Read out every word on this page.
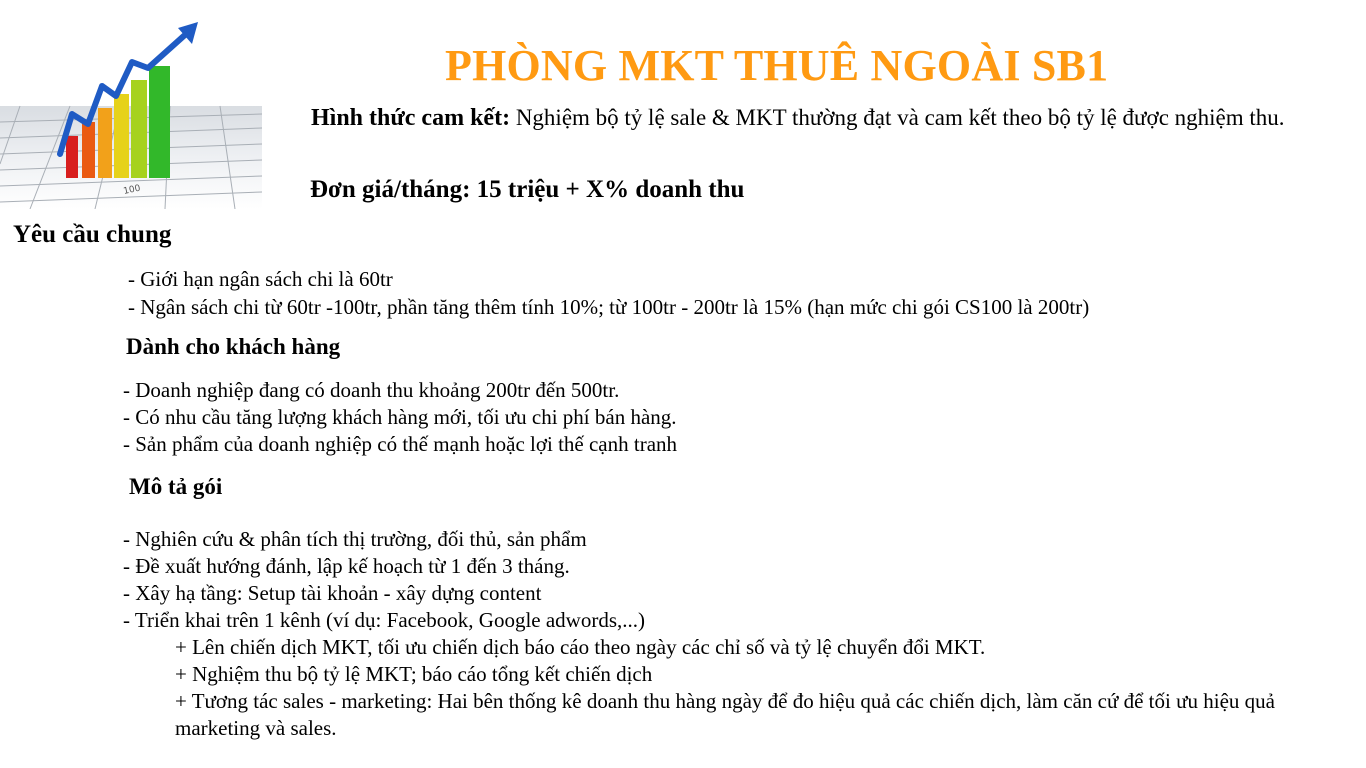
100
PHÒNG MKT THUÊ NGOÀI SB1
Hình thức cam kết: Nghiệm bộ tỷ lệ sale & MKT thường đạt và cam kết theo bộ tỷ lệ được nghiệm thu.
Đơn giá/tháng: 15 triệu + X% doanh thu
Yêu cầu chung
- Giới hạn ngân sách chi là 60tr
- Ngân sách chi từ 60tr -100tr, phần tăng thêm tính 10%; từ 100tr - 200tr là 15% (hạn mức chi gói CS100 là 200tr)
Dành cho khách hàng
- Doanh nghiệp đang có doanh thu khoảng 200tr đến 500tr.
- Có nhu cầu tăng lượng khách hàng mới, tối ưu chi phí bán hàng.
- Sản phẩm của doanh nghiệp có thế mạnh hoặc lợi thế cạnh tranh
Mô tả gói
- Nghiên cứu & phân tích thị trường, đối thủ, sản phẩm
- Đề xuất hướng đánh, lập kế hoạch từ 1 đến 3 tháng.
- Xây hạ tầng: Setup tài khoản - xây dựng content
- Triển khai trên 1 kênh (ví dụ: Facebook, Google adwords,...)
+ Lên chiến dịch MKT, tối ưu chiến dịch báo cáo theo ngày các chỉ số và tỷ lệ chuyển đổi MKT.
+ Nghiệm thu bộ tỷ lệ MKT; báo cáo tổng kết chiến dịch
+ Tương tác sales - marketing: Hai bên thống kê doanh thu hàng ngày để đo hiệu quả các chiến dịch, làm căn cứ để tối ưu hiệu quả marketing và sales.
